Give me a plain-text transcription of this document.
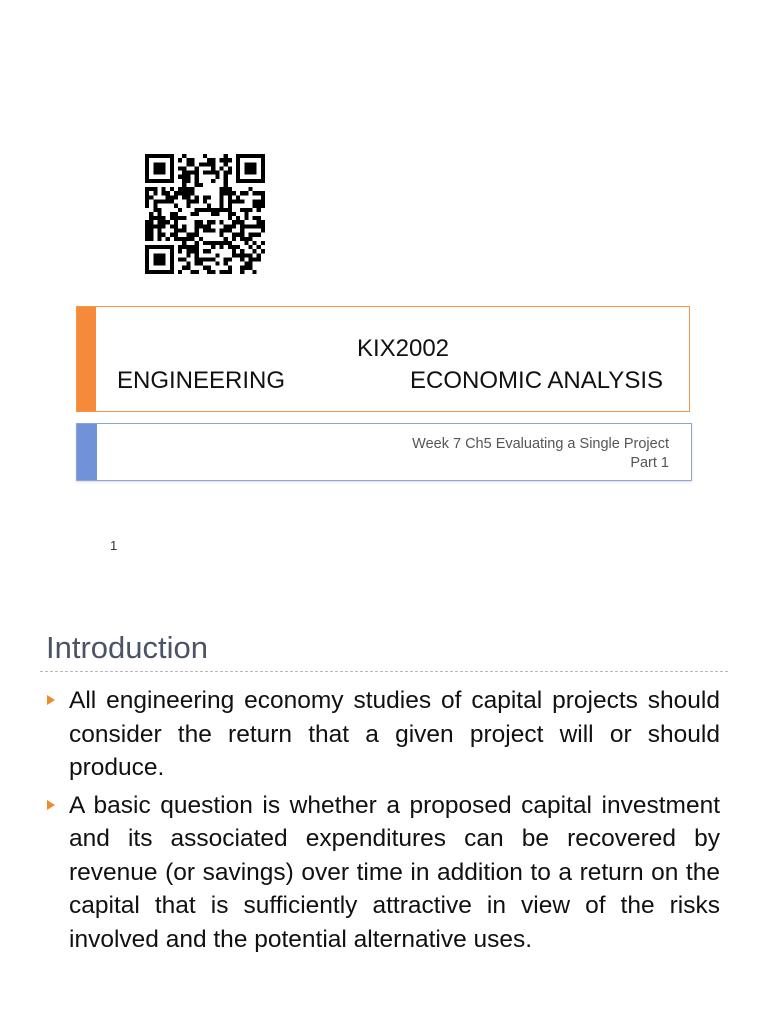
KIX2002
ENGINEERING	ECONOMIC ANALYSIS
Week 7 Ch5 Evaluating a Single Project
Part 1
1
Introduction
All engineering economy studies of capital projects should consider the return that a given project will or should produce.
A basic question is whether a proposed capital investment and its associated expenditures can be recovered by revenue (or savings) over time in addition to a return on the capital that is sufficiently attractive in view of the risks involved and the potential alternative uses.
